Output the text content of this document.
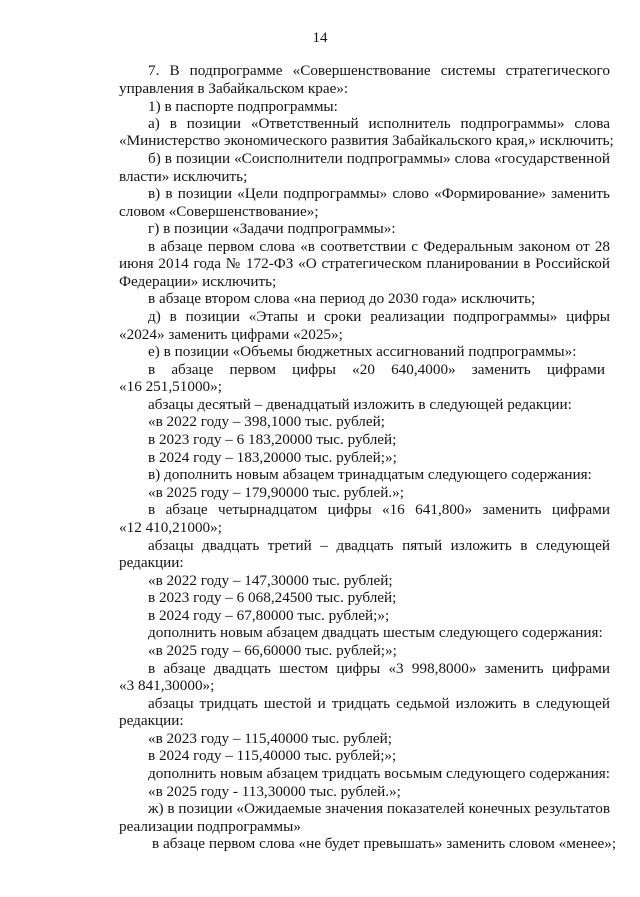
14
7. В подпрограмме «Совершенствование системы стратегического
управления в Забайкальском крае»:
1) в паспорте подпрограммы:
а) в позиции «Ответственный исполнитель подпрограммы» слова
«Министерство экономического развития Забайкальского края,» исключить;
б) в позиции «Соисполнители подпрограммы» слова «государственной
власти» исключить;
в) в позиции «Цели подпрограммы» слово «Формирование» заменить
словом «Совершенствование»;
г) в позиции «Задачи подпрограммы»:
в абзаце первом слова «в соответствии с Федеральным законом от 28
июня 2014 года № 172-ФЗ «О стратегическом планировании в Российской
Федерации» исключить;
в абзаце втором слова «на период до 2030 года» исключить;
д) в позиции «Этапы и сроки реализации подпрограммы» цифры
«2024» заменить цифрами «2025»;
е) в позиции «Объемы бюджетных ассигнований подпрограммы»:
в абзаце первом цифры «20 640,4000» заменить цифрами
«16 251,51000»;
абзацы десятый – двенадцатый изложить в следующей редакции:
«в 2022 году – 398,1000 тыс. рублей;
в 2023 году – 6 183,20000 тыс. рублей;
в 2024 году – 183,20000 тыс. рублей;»;
в) дополнить новым абзацем тринадцатым следующего содержания:
«в 2025 году – 179,90000 тыс. рублей.»;
в абзаце четырнадцатом цифры «16 641,800» заменить цифрами
«12 410,21000»;
абзацы двадцать третий – двадцать пятый изложить в следующей
редакции:
«в 2022 году – 147,30000 тыс. рублей;
в 2023 году – 6 068,24500 тыс. рублей;
в 2024 году – 67,80000 тыс. рублей;»;
дополнить новым абзацем двадцать шестым следующего содержания:
«в 2025 году – 66,60000 тыс. рублей;»;
в абзаце двадцать шестом цифры «3 998,8000» заменить цифрами
«3 841,30000»;
абзацы тридцать шестой и тридцать седьмой изложить в следующей
редакции:
«в 2023 году – 115,40000 тыс. рублей;
в 2024 году – 115,40000 тыс. рублей;»;
дополнить новым абзацем тридцать восьмым следующего содержания:
«в 2025 году - 113,30000 тыс. рублей.»;
ж) в позиции «Ожидаемые значения показателей конечных результатов
реализации подпрограммы»
в абзаце первом слова «не будет превышать» заменить словом «менее»;
